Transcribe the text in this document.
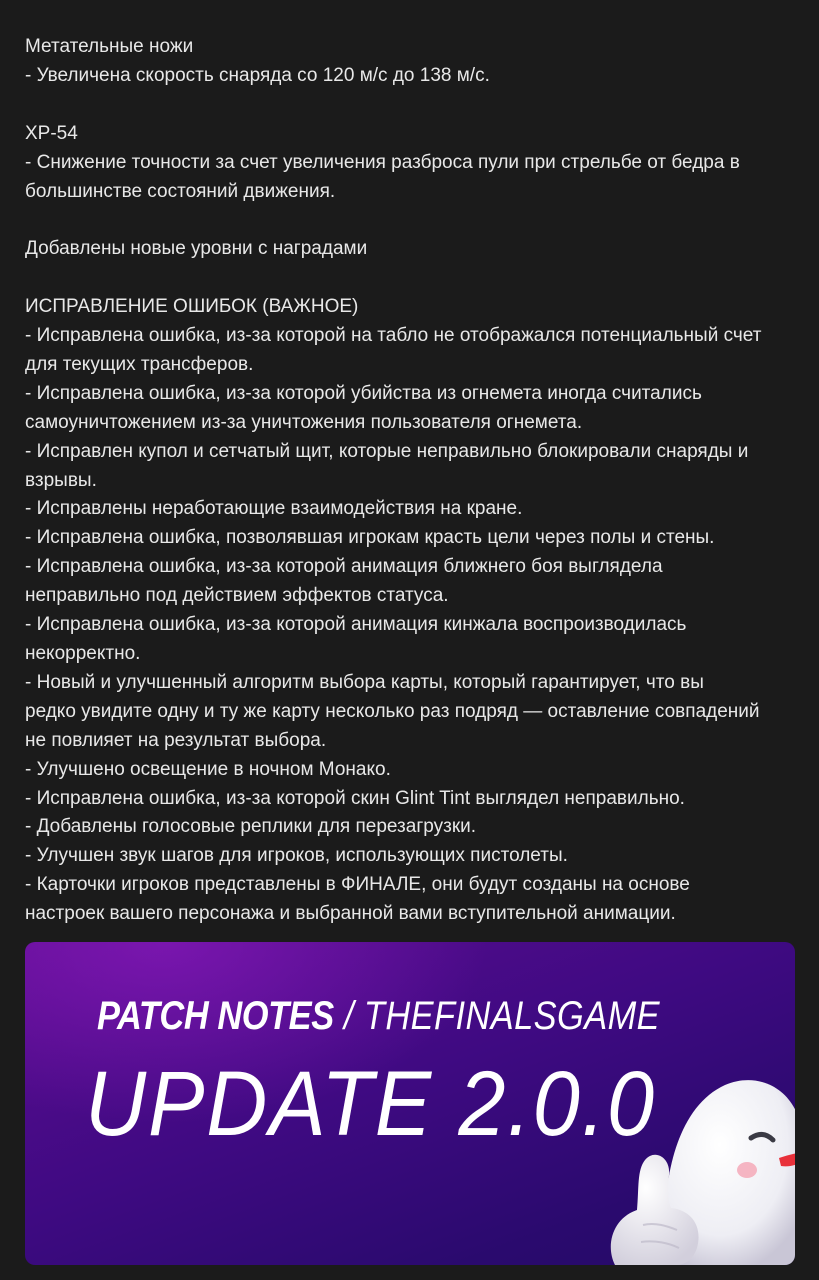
Метательные ножи
- Увеличена скорость снаряда со 120 м/с до 138 м/с.
XP-54
- Снижение точности за счет увеличения разброса пули при стрельбе от бедра в
большинстве состояний движения.
Добавлены новые уровни с наградами
ИСПРАВЛЕНИЕ ОШИБОК (ВАЖНОЕ)
- Исправлена ошибка, из-за которой на табло не отображался потенциальный счет
для текущих трансферов.
- Исправлена ошибка, из-за которой убийства из огнемета иногда считались
самоуничтожением из-за уничтожения пользователя огнемета.
- Исправлен купол и сетчатый щит, которые неправильно блокировали снаряды и
взрывы.
- Исправлены неработающие взаимодействия на кране.
- Исправлена ошибка, позволявшая игрокам красть цели через полы и стены.
- Исправлена ошибка, из-за которой анимация ближнего боя выглядела
неправильно под действием эффектов статуса.
- Исправлена ошибка, из-за которой анимация кинжала воспроизводилась
некорректно.
- Новый и улучшенный алгоритм выбора карты, который гарантирует, что вы
редко увидите одну и ту же карту несколько раз подряд — оставление совпадений
не повлияет на результат выбора.
- Улучшено освещение в ночном Монако.
- Исправлена ошибка, из-за которой скин Glint Tint выглядел неправильно.
- Добавлены голосовые реплики для перезагрузки.
- Улучшен звук шагов для игроков, использующих пистолеты.
- Карточки игроков представлены в ФИНАЛЕ, они будут созданы на основе
настроек вашего персонажа и выбранной вами вступительной анимации.
PATCH NOTES / THEFINALSGAME
UPDATE 2.0.0
